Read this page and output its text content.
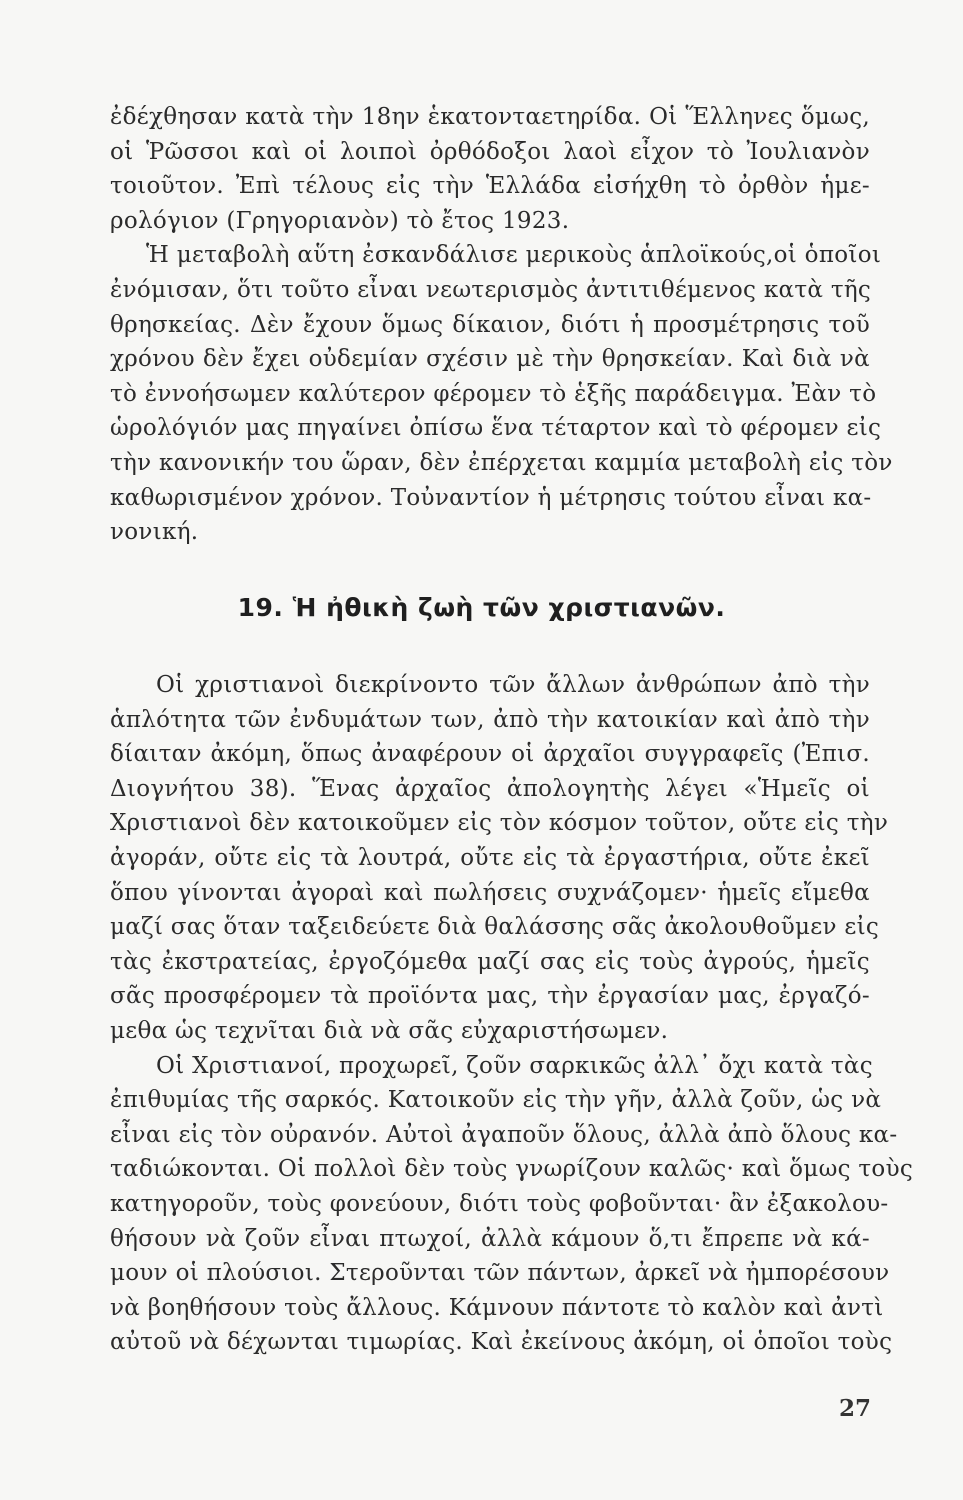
ἐδέχθησαν κατὰ τὴν 18ην ἑκατονταετηρίδα. Οἱ Ἕλληνες ὅμως,
οἱ Ῥῶσσοι καὶ οἱ λοιποὶ ὀρθόδοξοι λαοὶ εἶχον τὸ Ἰουλιανὸν
τοιοῦτον. Ἐπὶ τέλους εἰς τὴν Ἑλλάδα εἰσήχθη τὸ ὀρθὸν ἡμε-
ρολόγιον (Γρηγοριανὸν) τὸ ἔτος 1923.
Ἡ μεταβολὴ αὕτη ἐσκανδάλισε μερικοὺς ἁπλοϊκούς,οἱ ὁποῖοι
ἐνόμισαν, ὅτι τοῦτο εἶναι νεωτερισμὸς ἀντιτιθέμενος κατὰ τῆς
θρησκείας. Δὲν ἔχουν ὅμως δίκαιον, διότι ἡ προσμέτρησις τοῦ
χρόνου δὲν ἔχει οὐδεμίαν σχέσιν μὲ τὴν θρησκείαν. Καὶ διὰ νὰ
τὸ ἐννοήσωμεν καλύτερον φέρομεν τὸ ἑξῆς παράδειγμα. Ἐὰν τὸ
ὡρολόγιόν μας πηγαίνει ὀπίσω ἕνα τέταρτον καὶ τὸ φέρομεν εἰς
τὴν κανονικήν του ὥραν, δὲν ἐπέρχεται καμμία μεταβολὴ εἰς τὸν
καθωρισμένον χρόνον. Τοὐναντίον ἡ μέτρησις τούτου εἶναι κα-
νονική.
19. Ἡ ἠθικὴ ζωὴ τῶν χριστιανῶν.
Οἱ χριστιανοὶ διεκρίνοντο τῶν ἄλλων ἀνθρώπων ἀπὸ τὴν
ἁπλότητα τῶν ἐνδυμάτων των, ἀπὸ τὴν κατοικίαν καὶ ἀπὸ τὴν
δίαιταν ἀκόμη, ὅπως ἀναφέρουν οἱ ἀρχαῖοι συγγραφεῖς (Ἐπισ.
Διογνήτου 38). Ἕνας ἀρχαῖος ἀπολογητὴς λέγει «Ἡμεῖς οἱ
Χριστιανοὶ δὲν κατοικοῦμεν εἰς τὸν κόσμον τοῦτον, οὔτε εἰς τὴν
ἀγοράν, οὔτε εἰς τὰ λουτρά, οὔτε εἰς τὰ ἐργαστήρια, οὔτε ἐκεῖ
ὅπου γίνονται ἀγοραὶ καὶ πωλήσεις συχνάζομεν· ἡμεῖς εἴμεθα
μαζί σας ὅταν ταξειδεύετε διὰ θαλάσσης σᾶς ἀκολουθοῦμεν εἰς
τὰς ἐκστρατείας, ἐργοζόμεθα μαζί σας εἰς τοὺς ἀγρούς, ἡμεῖς
σᾶς προσφέρομεν τὰ προϊόντα μας, τὴν ἐργασίαν μας, ἐργαζό-
μεθα ὡς τεχνῖται διὰ νὰ σᾶς εὐχαριστήσωμεν.
Οἱ Χριστιανοί, προχωρεῖ, ζοῦν σαρκικῶς ἀλλ᾽ ὄχι κατὰ τὰς
ἐπιθυμίας τῆς σαρκός. Κατοικοῦν εἰς τὴν γῆν, ἀλλὰ ζοῦν, ὡς νὰ
εἶναι εἰς τὸν οὐρανόν. Αὐτοὶ ἀγαποῦν ὅλους, ἀλλὰ ἀπὸ ὅλους κα-
ταδιώκονται. Οἱ πολλοὶ δὲν τοὺς γνωρίζουν καλῶς· καὶ ὅμως τοὺς
κατηγοροῦν, τοὺς φονεύουν, διότι τοὺς φοβοῦνται· ἂν ἐξακολου-
θήσουν νὰ ζοῦν εἶναι πτωχοί, ἀλλὰ κάμουν ὅ,τι ἔπρεπε νὰ κά-
μουν οἱ πλούσιοι. Στεροῦνται τῶν πάντων, ἀρκεῖ νὰ ἠμπορέσουν
νὰ βοηθήσουν τοὺς ἄλλους. Κάμνουν πάντοτε τὸ καλὸν καὶ ἀντὶ
αὐτοῦ νὰ δέχωνται τιμωρίας. Καὶ ἐκείνους ἀκόμη, οἱ ὁποῖοι τοὺς
27
